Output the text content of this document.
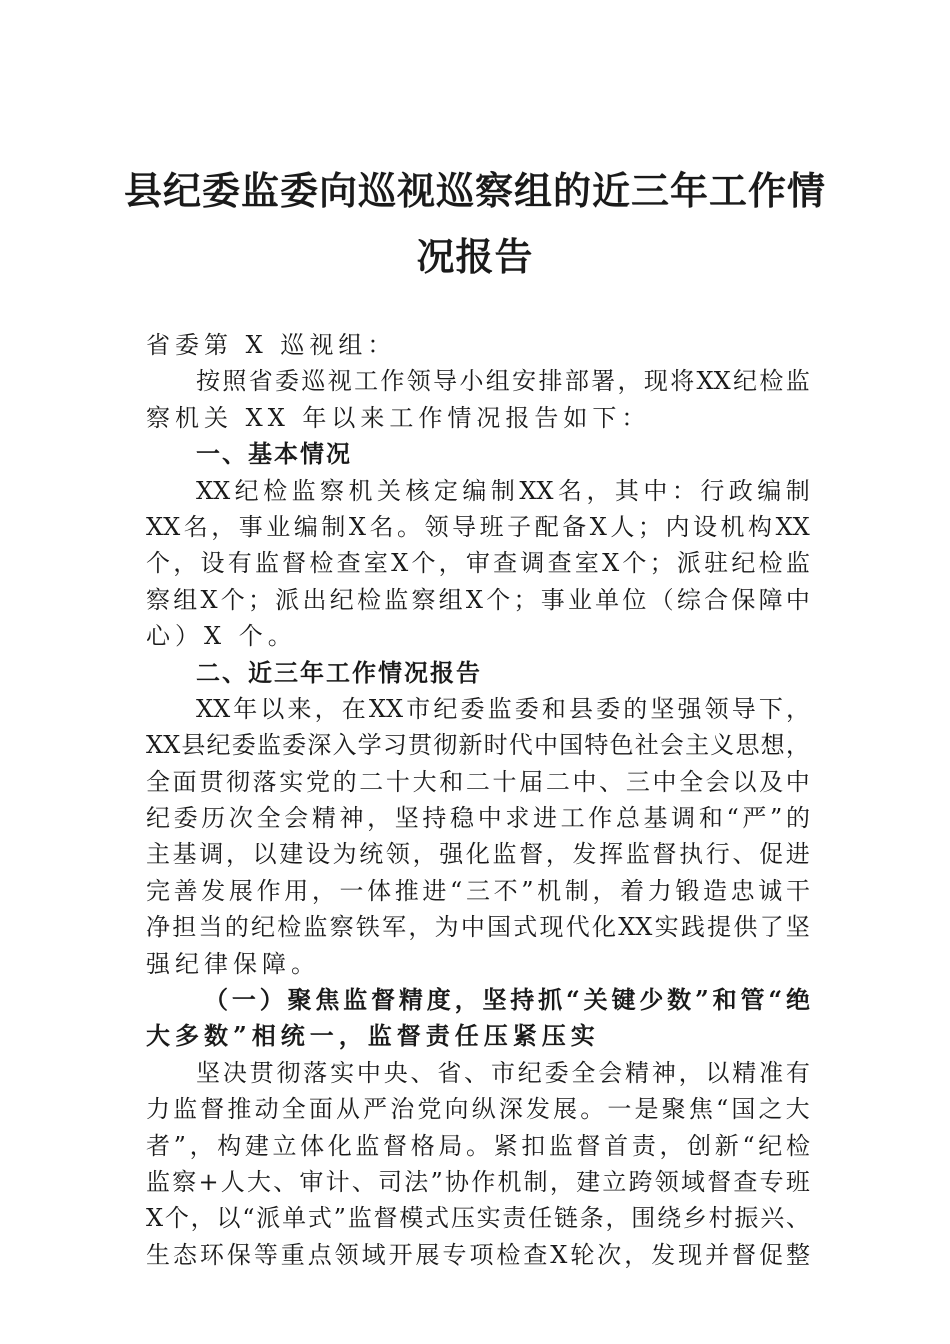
县纪委监委向巡视巡察组的近三年工作情
况报告
省委第 X 巡视组：
按 照 省 委 巡 视 工 作 领 导 小 组 安 排 部 署 ， 现 将 XX 纪 检 监
察机关 XX 年以来工作情况报告如下：
一、基本情况
XX 纪 检 监 察 机 关 核 定 编 制 XX 名 ， 其 中 ： 行 政 编 制
XX 名 ， 事 业 编 制 X 名 。 领 导 班 子 配 备 X 人 ； 内 设 机 构 XX
个 ， 设 有 监 督 检 查 室 X 个 ， 审 查 调 查 室 X 个 ； 派 驻 纪 检 监
察 组 X 个 ； 派 出 纪 检 监 察 组 X 个 ； 事 业 单 位 （ 综 合 保 障 中
心）X 个。
二、近三年工作情况报告
XX 年 以 来 ， 在 XX 市 纪 委 监 委 和 县 委 的 坚 强 领 导 下 ，
XX 县 纪 委 监 委 深 入 学 习 贯 彻 新 时 代 中 国 特 色 社 会 主 义 思 想 ，
全 面 贯 彻 落 实 党 的 二 十 大 和 二 十 届 二 中 、 三 中 全 会 以 及 中
纪 委 历 次 全 会 精 神 ， 坚 持 稳 中 求 进 工 作 总 基 调 和 “ 严 ” 的
主 基 调 ， 以 建 设 为 统 领 ， 强 化 监 督 ， 发 挥 监 督 执 行 、 促 进
完 善 发 展 作 用 ， 一 体 推 进 “ 三 不 ” 机 制 ， 着 力 锻 造 忠 诚 干
净 担 当 的 纪 检 监 察 铁 军 ， 为 中 国 式 现 代 化 XX 实 践 提 供 了 坚
强纪律保障。
（ 一 ） 聚 焦 监 督 精 度 ， 坚 持 抓 “ 关 键 少 数 ” 和 管 “ 绝
大多数”相统一，监督责任压紧压实
坚 决 贯 彻 落 实 中 央 、 省 、 市 纪 委 全 会 精 神 ， 以 精 准 有
力 监 督 推 动 全 面 从 严 治 党 向 纵 深 发 展 。 一 是 聚 焦 “ 国 之 大
者 ” ， 构 建 立 体 化 监 督 格 局 。 紧 扣 监 督 首 责 ， 创 新 “ 纪 检
监 察 + 人 大 、 审 计 、 司 法 ” 协 作 机 制 ， 建 立 跨 领 域 督 查 专 班
X 个 ， 以 “ 派 单 式 ” 监 督 模 式 压 实 责 任 链 条 ， 围 绕 乡 村 振 兴 、
生 态 环 保 等 重 点 领 域 开 展 专 项 检 查 X 轮 次 ， 发 现 并 督 促 整
